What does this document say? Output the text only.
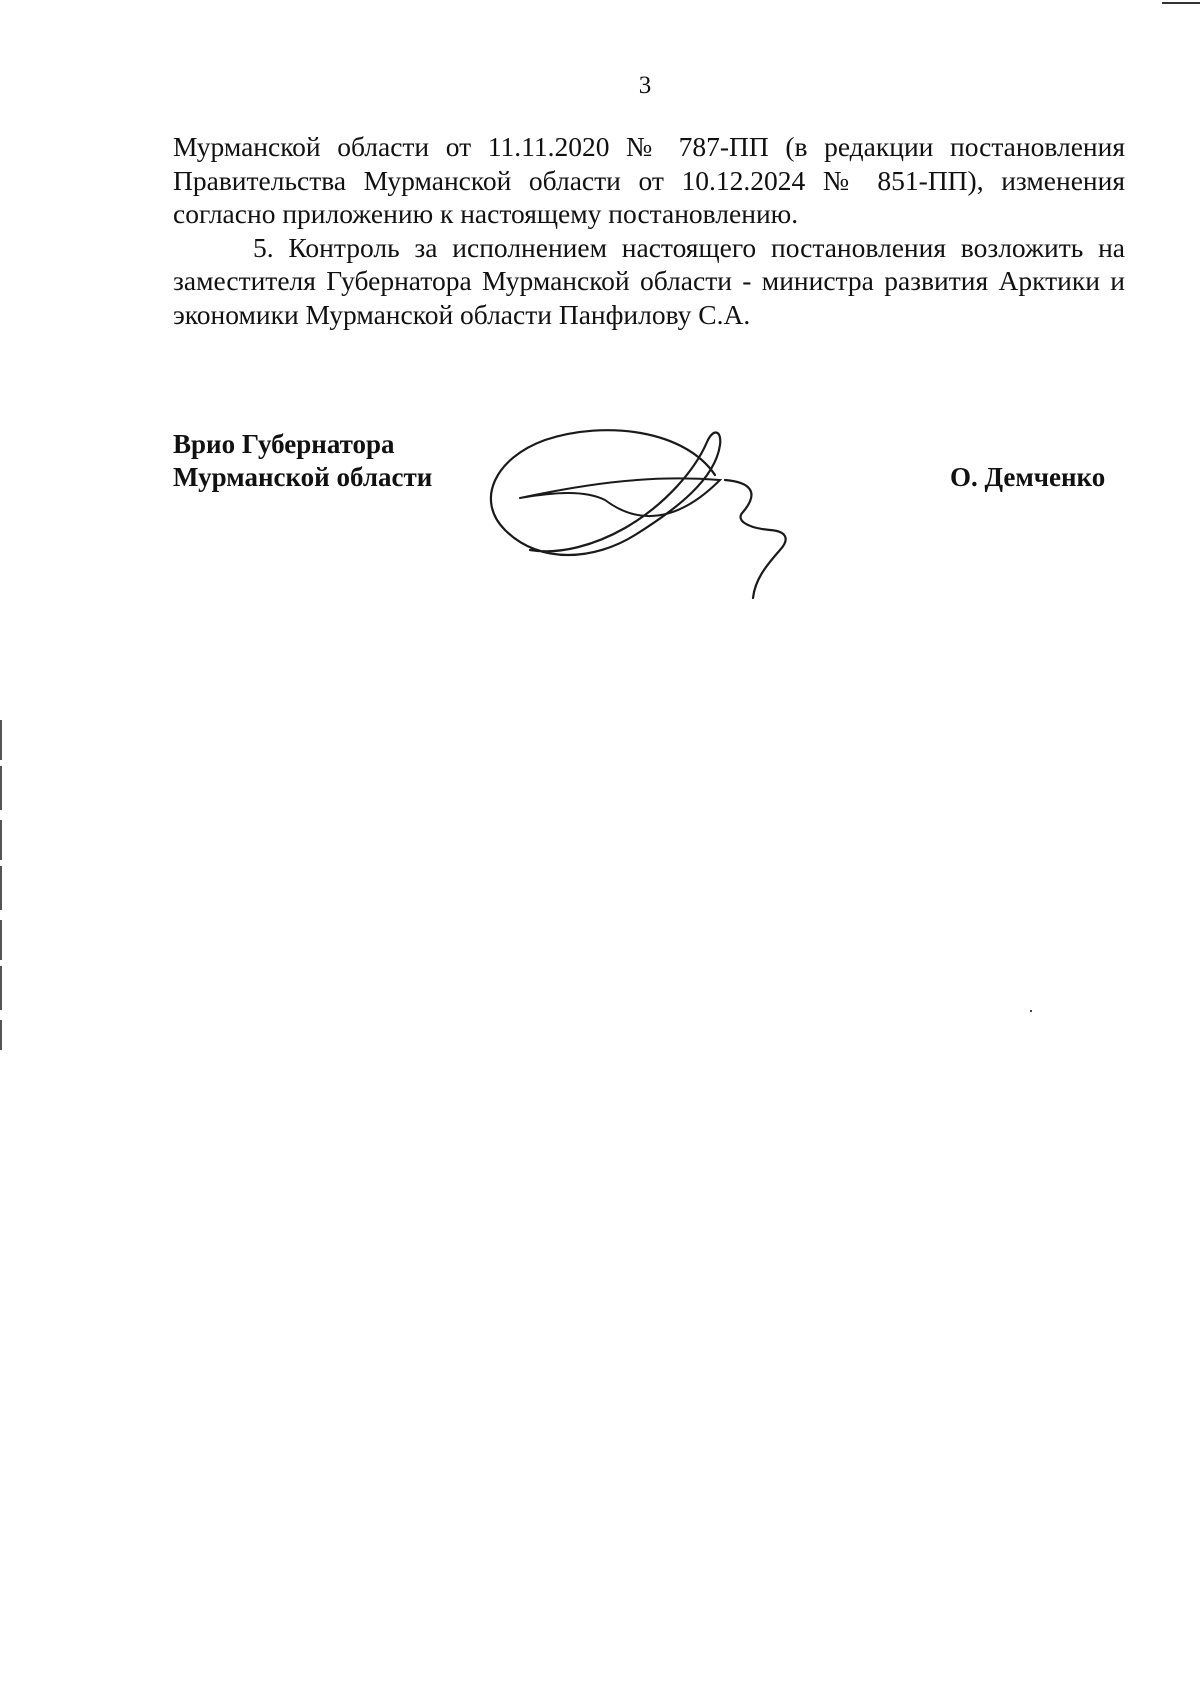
3

Мурманской области от 11.11.2020 № 787-ПП (в редакции постановления Правительства Мурманской области от 10.12.2024 № 851-ПП), изменения согласно приложению к настоящему постановлению.

5. Контроль за исполнением настоящего постановления возложить на заместителя Губернатора Мурманской области - министра развития Арктики и экономики Мурманской области Панфилову С.А.

Врио Губернатора
Мурманской области	О. Демченко
